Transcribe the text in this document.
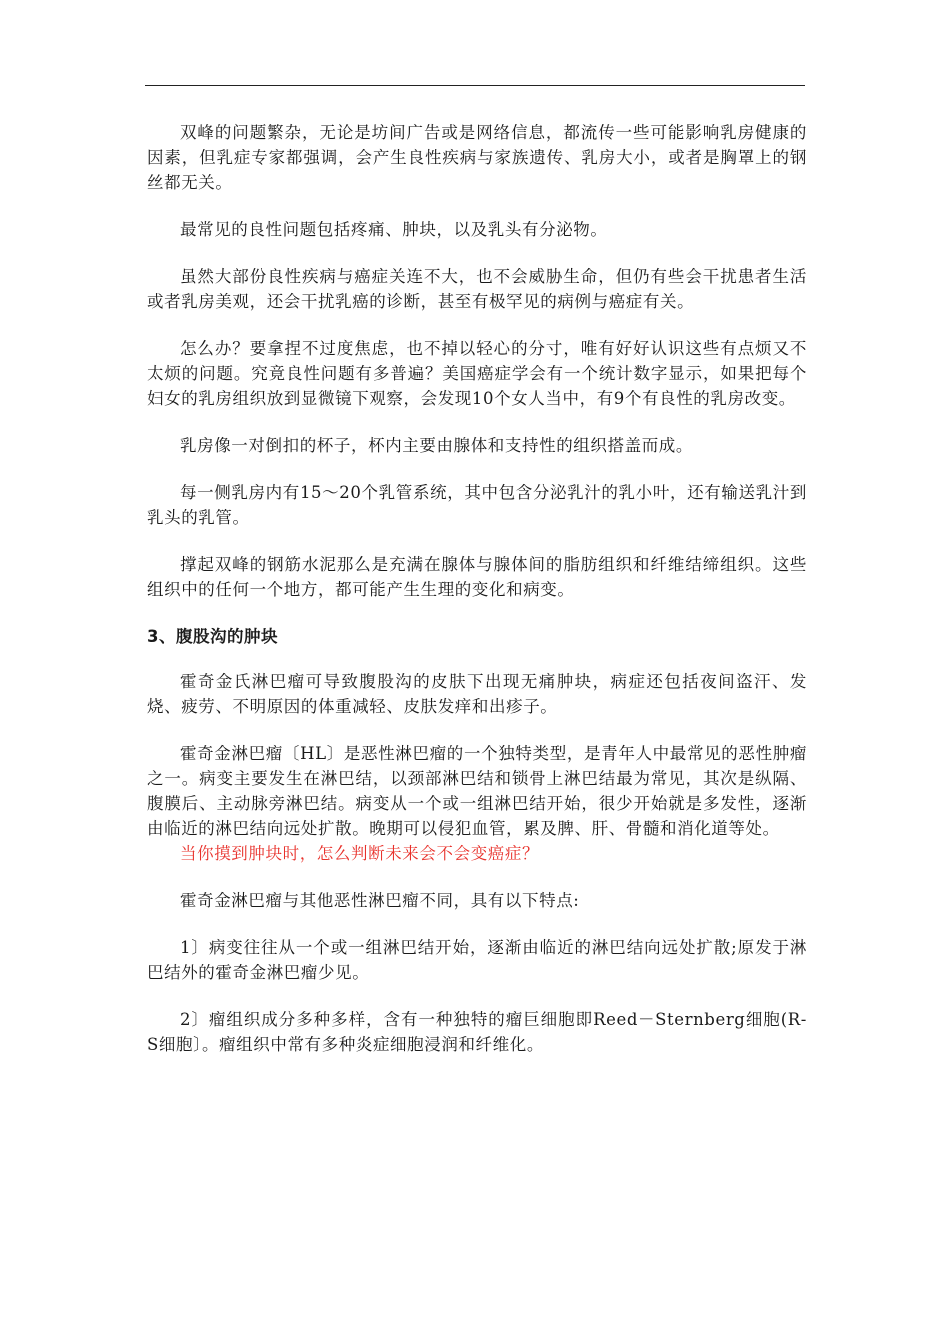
双峰的问题繁杂，无论是坊间广告或是网络信息，都流传一些可能影响乳房健康的因素，但乳症专家都强调，会产生良性疾病与家族遗传、乳房大小，或者是胸罩上的钢丝都无关。

最常见的良性问题包括疼痛、肿块，以及乳头有分泌物。

虽然大部份良性疾病与癌症关连不大，也不会威胁生命，但仍有些会干扰患者生活或者乳房美观，还会干扰乳癌的诊断，甚至有极罕见的病例与癌症有关。

怎么办？要拿捏不过度焦虑，也不掉以轻心的分寸，唯有好好认识这些有点烦又不太烦的问题。究竟良性问题有多普遍？美国癌症学会有一个统计数字显示，如果把每个妇女的乳房组织放到显微镜下观察，会发现10个女人当中，有9个有良性的乳房改变。

乳房像一对倒扣的杯子，杯内主要由腺体和支持性的组织搭盖而成。

每一侧乳房内有15～20个乳管系统，其中包含分泌乳汁的乳小叶，还有输送乳汁到乳头的乳管。

撑起双峰的钢筋水泥那么是充满在腺体与腺体间的脂肪组织和纤维结缔组织。这些组织中的任何一个地方，都可能产生生理的变化和病变。

3、腹股沟的肿块

霍奇金氏淋巴瘤可导致腹股沟的皮肤下出现无痛肿块，病症还包括夜间盗汗、发烧、疲劳、不明原因的体重减轻、皮肤发痒和出疹子。

霍奇金淋巴瘤〔HL〕是恶性淋巴瘤的一个独特类型，是青年人中最常见的恶性肿瘤之一。病变主要发生在淋巴结，以颈部淋巴结和锁骨上淋巴结最为常见，其次是纵隔、腹膜后、主动脉旁淋巴结。病变从一个或一组淋巴结开始，很少开始就是多发性，逐渐由临近的淋巴结向远处扩散。晚期可以侵犯血管，累及脾、肝、骨髓和消化道等处。

当你摸到肿块时，怎么判断未来会不会变癌症？

霍奇金淋巴瘤与其他恶性淋巴瘤不同，具有以下特点:

1〕病变往往从一个或一组淋巴结开始，逐渐由临近的淋巴结向远处扩散;原发于淋巴结外的霍奇金淋巴瘤少见。

2〕瘤组织成分多种多样，含有一种独特的瘤巨细胞即Reed－Sternberg细胞(R-S细胞〕。瘤组织中常有多种炎症细胞浸润和纤维化。
